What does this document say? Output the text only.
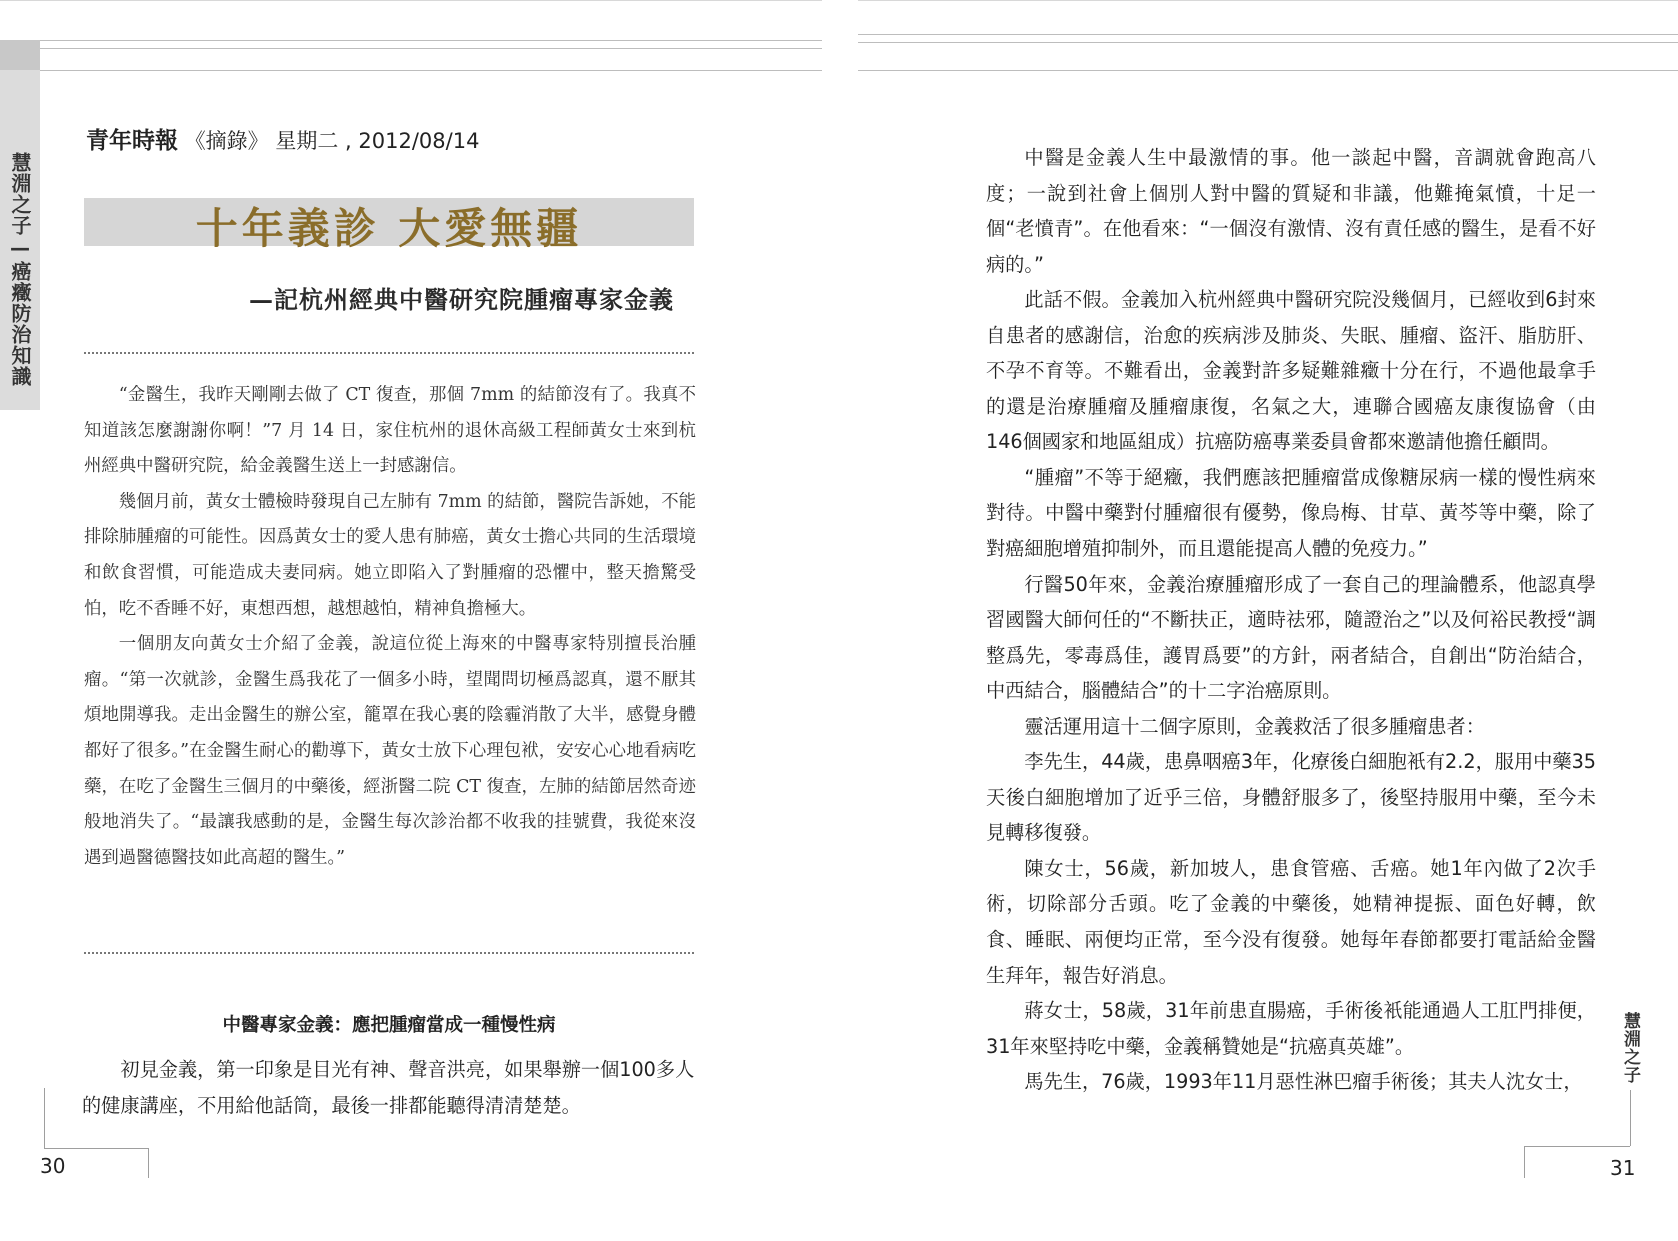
慧淵之子—癌癥防治知識
青年時報 《摘錄》 星期二 , 2012/08/14
十年義診 大愛無疆
—記杭州經典中醫研究院腫瘤專家金義

“金醫生，我昨天剛剛去做了 CT 復查，那個 7mm 的結節沒有了。我真不知道該怎麼謝謝你啊！”7 月 14 日，家住杭州的退休高級工程師黃女士來到杭州經典中醫研究院，給金義醫生送上一封感謝信。

幾個月前，黃女士體檢時發現自己左肺有 7mm 的結節，醫院告訴她，不能排除肺腫瘤的可能性。因爲黃女士的愛人患有肺癌，黃女士擔心共同的生活環境和飲食習慣，可能造成夫妻同病。她立即陷入了對腫瘤的恐懼中，整天擔驚受怕，吃不香睡不好，東想西想，越想越怕，精神負擔極大。

一個朋友向黃女士介紹了金義，說這位從上海來的中醫專家特別擅長治腫瘤。“第一次就診，金醫生爲我花了一個多小時，望聞問切極爲認真，還不厭其煩地開導我。走出金醫生的辦公室，籠罩在我心裏的陰霾消散了大半，感覺身體都好了很多。”在金醫生耐心的勸導下，黃女士放下心理包袱，安安心心地看病吃藥，在吃了金醫生三個月的中藥後，經浙醫二院 CT 復查，左肺的結節居然奇迹般地消失了。“最讓我感動的是，金醫生每次診治都不收我的挂號費，我從來沒遇到過醫德醫技如此高超的醫生。”

中醫專家金義：應把腫瘤當成一種慢性病

初見金義，第一印象是目光有神、聲音洪亮，如果舉辦一個100多人的健康講座，不用給他話筒，最後一排都能聽得清清楚楚。

30

中醫是金義人生中最激情的事。他一談起中醫，音調就會跑高八度；一說到社會上個別人對中醫的質疑和非議，他難掩氣憤，十足一個“老憤青”。在他看來：“一個沒有激情、沒有責任感的醫生，是看不好病的。”

此話不假。金義加入杭州經典中醫研究院没幾個月，已經收到6封來自患者的感謝信，治愈的疾病涉及肺炎、失眠、腫瘤、盜汗、脂肪肝、不孕不育等。不難看出，金義對許多疑難雜癥十分在行，不過他最拿手的還是治療腫瘤及腫瘤康復，名氣之大，連聯合國癌友康復協會（由146個國家和地區組成）抗癌防癌專業委員會都來邀請他擔任顧問。

“腫瘤”不等于絕癥，我們應該把腫瘤當成像糖尿病一樣的慢性病來對待。中醫中藥對付腫瘤很有優勢，像烏梅、甘草、黃芩等中藥，除了對癌細胞增殖抑制外，而且還能提高人體的免疫力。”

行醫50年來，金義治療腫瘤形成了一套自己的理論體系，他認真學習國醫大師何任的“不斷扶正，適時祛邪，隨證治之”以及何裕民教授“調整爲先，零毒爲佳，護胃爲要”的方針，兩者結合，自創出“防治結合，中西結合，腦體結合”的十二字治癌原則。

靈活運用這十二個字原則，金義救活了很多腫瘤患者：

李先生，44歲，患鼻咽癌3年，化療後白細胞衹有2.2，服用中藥35天後白細胞增加了近乎三倍，身體舒服多了，後堅持服用中藥，至今未見轉移復發。

陳女士，56歲，新加坡人，患食管癌、舌癌。她1年內做了2次手術，切除部分舌頭。吃了金義的中藥後，她精神提振、面色好轉，飲食、睡眠、兩便均正常，至今没有復發。她每年春節都要打電話給金醫生拜年，報告好消息。

蔣女士，58歲，31年前患直腸癌，手術後衹能通過人工肛門排便，31年來堅持吃中藥，金義稱贊她是“抗癌真英雄”。

馬先生，76歲，1993年11月惡性淋巴瘤手術後；其夫人沈女士，	慧淵之子
31
